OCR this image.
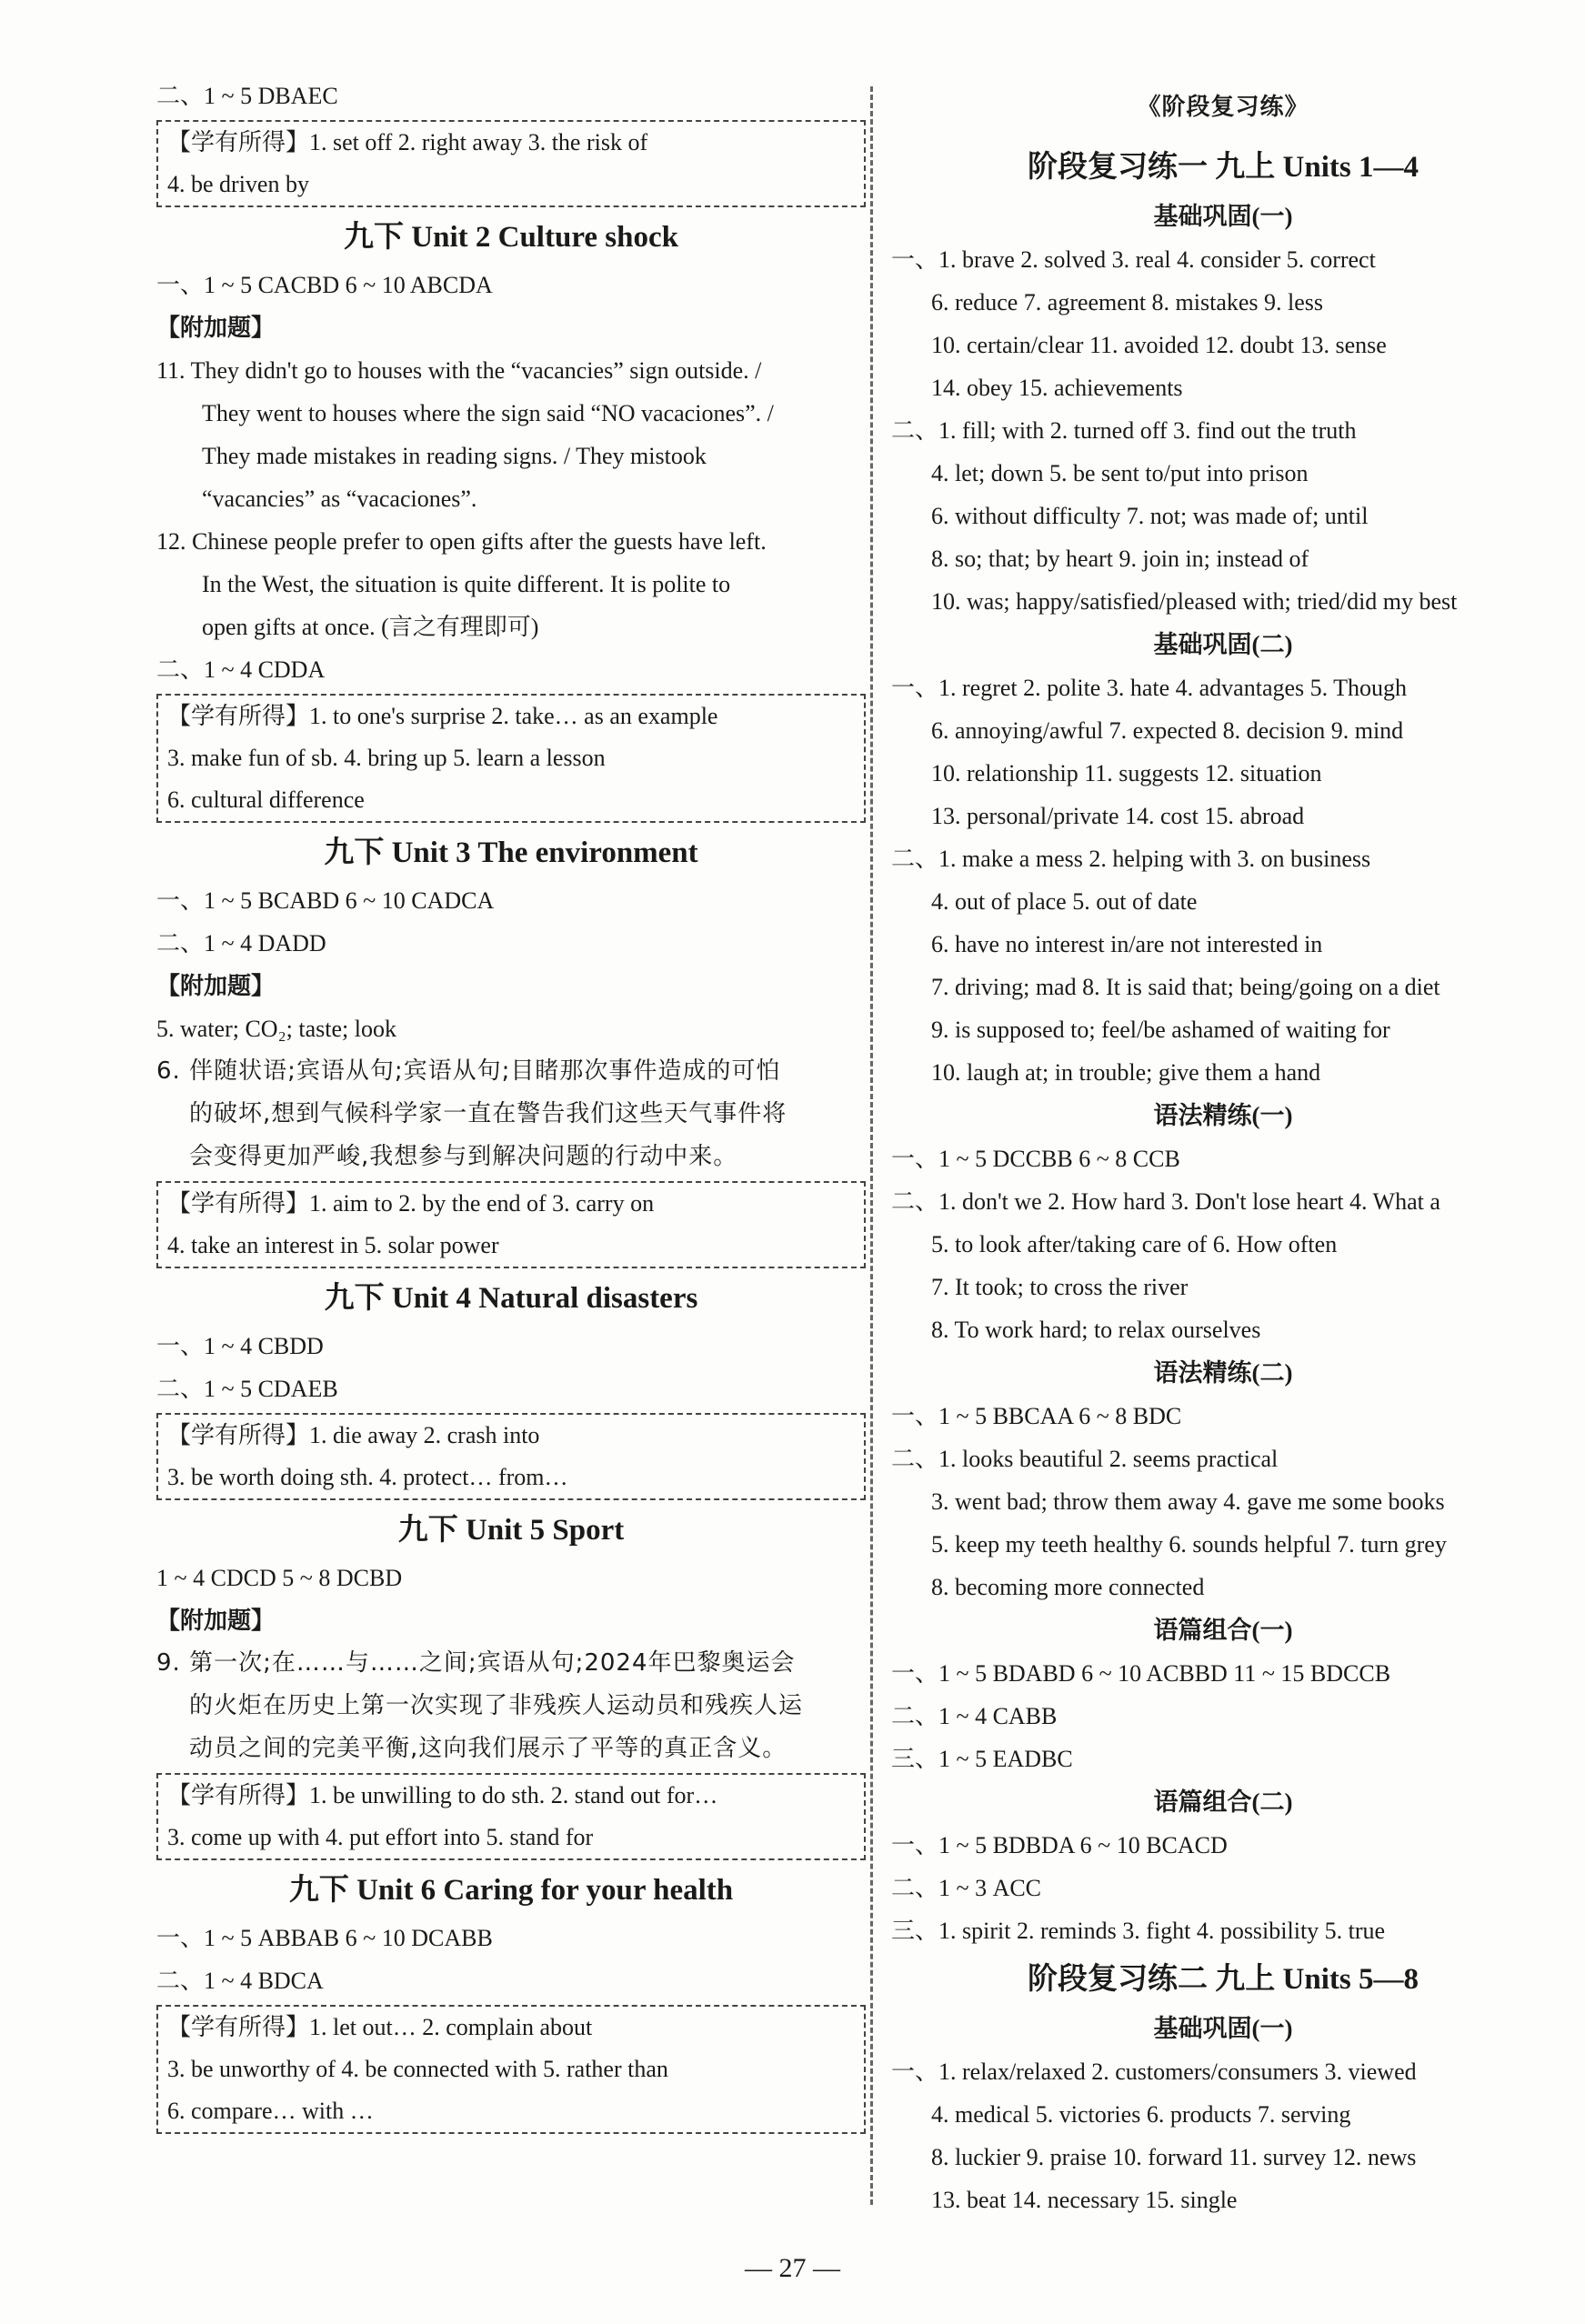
二、1 ~ 5 DBAEC
【学有所得】1. set off 2. right away 3. the risk of
4. be driven by
九下 Unit 2 Culture shock
一、1 ~ 5 CACBD 6 ~ 10 ABCDA
【附加题】
11. They didn't go to houses with the “vacancies” sign outside. /
They went to houses where the sign said “NO vacaciones”. /
They made mistakes in reading signs. / They mistook
“vacancies” as “vacaciones”.
12. Chinese people prefer to open gifts after the guests have left.
In the West, the situation is quite different. It is polite to
open gifts at once. (言之有理即可)
二、1 ~ 4 CDDA
【学有所得】1. to one's surprise 2. take… as an example
3. make fun of sb. 4. bring up 5. learn a lesson
6. cultural difference
九下 Unit 3 The environment
一、1 ~ 5 BCABD 6 ~ 10 CADCA
二、1 ~ 4 DADD
【附加题】
5. water; CO₂; taste; look
6. 伴随状语;宾语从句;宾语从句;目睹那次事件造成的可怕
的破坏,想到气候科学家一直在警告我们这些天气事件将
会变得更加严峻,我想参与到解决问题的行动中来。
【学有所得】1. aim to 2. by the end of 3. carry on
4. take an interest in 5. solar power
九下 Unit 4 Natural disasters
一、1 ~ 4 CBDD
二、1 ~ 5 CDAEB
【学有所得】1. die away 2. crash into
3. be worth doing sth. 4. protect… from…
九下 Unit 5 Sport
1 ~ 4 CDCD 5 ~ 8 DCBD
【附加题】
9. 第一次;在……与……之间;宾语从句;2024年巴黎奥运会
的火炬在历史上第一次实现了非残疾人运动员和残疾人运
动员之间的完美平衡,这向我们展示了平等的真正含义。
【学有所得】1. be unwilling to do sth. 2. stand out for…
3. come up with 4. put effort into 5. stand for
九下 Unit 6 Caring for your health
一、1 ~ 5 ABBAB 6 ~ 10 DCABB
二、1 ~ 4 BDCA
【学有所得】1. let out… 2. complain about
3. be unworthy of 4. be connected with 5. rather than
6. compare… with …
《阶段复习练》
阶段复习练一 九上 Units 1—4
基础巩固(一)
一、1. brave 2. solved 3. real 4. consider 5. correct
6. reduce 7. agreement 8. mistakes 9. less
10. certain/clear 11. avoided 12. doubt 13. sense
14. obey 15. achievements
二、1. fill; with 2. turned off 3. find out the truth
4. let; down 5. be sent to/put into prison
6. without difficulty 7. not; was made of; until
8. so; that; by heart 9. join in; instead of
10. was; happy/satisfied/pleased with; tried/did my best
基础巩固(二)
一、1. regret 2. polite 3. hate 4. advantages 5. Though
6. annoying/awful 7. expected 8. decision 9. mind
10. relationship 11. suggests 12. situation
13. personal/private 14. cost 15. abroad
二、1. make a mess 2. helping with 3. on business
4. out of place 5. out of date
6. have no interest in/are not interested in
7. driving; mad 8. It is said that; being/going on a diet
9. is supposed to; feel/be ashamed of waiting for
10. laugh at; in trouble; give them a hand
语法精练(一)
一、1 ~ 5 DCCBB 6 ~ 8 CCB
二、1. don't we 2. How hard 3. Don't lose heart 4. What a
5. to look after/taking care of 6. How often
7. It took; to cross the river
8. To work hard; to relax ourselves
语法精练(二)
一、1 ~ 5 BBCAA 6 ~ 8 BDC
二、1. looks beautiful 2. seems practical
3. went bad; throw them away 4. gave me some books
5. keep my teeth healthy 6. sounds helpful 7. turn grey
8. becoming more connected
语篇组合(一)
一、1 ~ 5 BDABD 6 ~ 10 ACBBD 11 ~ 15 BDCCB
二、1 ~ 4 CABB
三、1 ~ 5 EADBC
语篇组合(二)
一、1 ~ 5 BDBDA 6 ~ 10 BCACD
二、1 ~ 3 ACC
三、1. spirit 2. reminds 3. fight 4. possibility 5. true
阶段复习练二 九上 Units 5—8
基础巩固(一)
一、1. relax/relaxed 2. customers/consumers 3. viewed
4. medical 5. victories 6. products 7. serving
8. luckier 9. praise 10. forward 11. survey 12. news
13. beat 14. necessary 15. single
— 27 —
